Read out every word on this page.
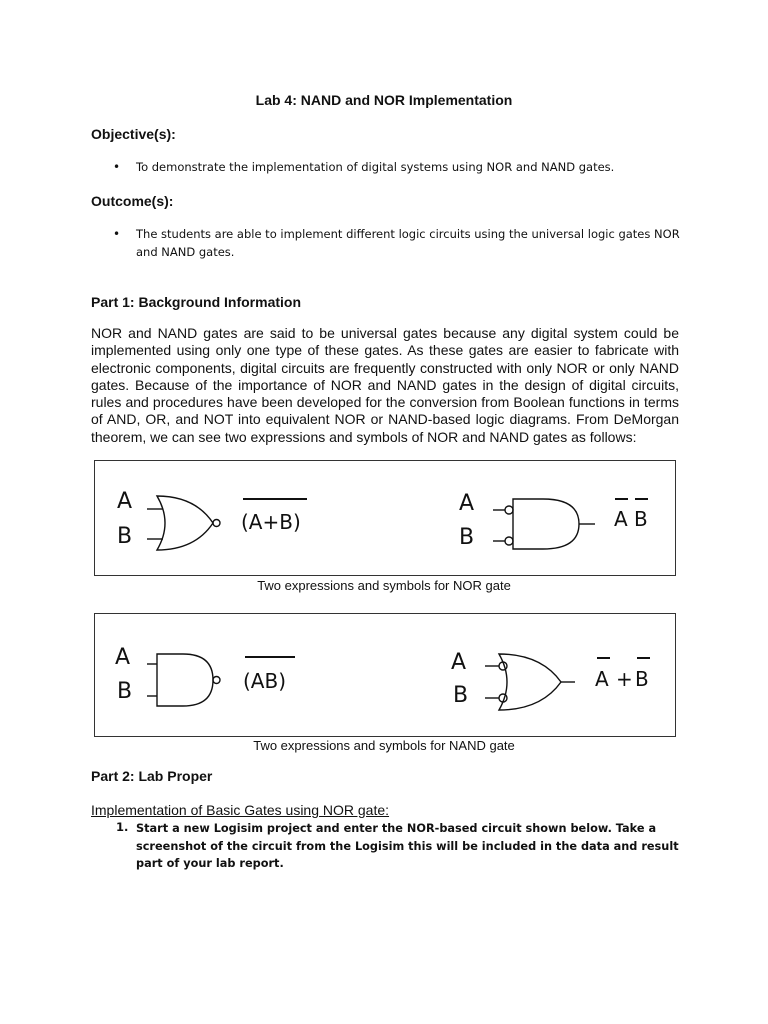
Lab 4: NAND and NOR Implementation
Objective(s):
• To demonstrate the implementation of digital systems using NOR and NAND gates.
Outcome(s):
• The students are able to implement different logic circuits using the universal logic gates NOR and NAND gates.
Part 1: Background Information
NOR and NAND gates are said to be universal gates because any digital system could be implemented using only one type of these gates. As these gates are easier to fabricate with electronic components, digital circuits are frequently constructed with only NOR or only NAND gates. Because of the importance of NOR and NAND gates in the design of digital circuits, rules and procedures have been developed for the conversion from Boolean functions in terms of AND, OR, and NOT into equivalent NOR or NAND-based logic diagrams. From DeMorgan theorem, we can see two expressions and symbols of NOR and NAND gates as follows:
A
B
(A+B)
A
B
A B
Two expressions and symbols for NOR gate
A
B	(AB)
A
B
A + B
Two expressions and symbols for NAND gate
Part 2: Lab Proper
Implementation of Basic Gates using NOR gate:
1. Start a new Logisim project and enter the NOR-based circuit shown below. Take a screenshot of the circuit from the Logisim this will be included in the data and result part of your lab report.
